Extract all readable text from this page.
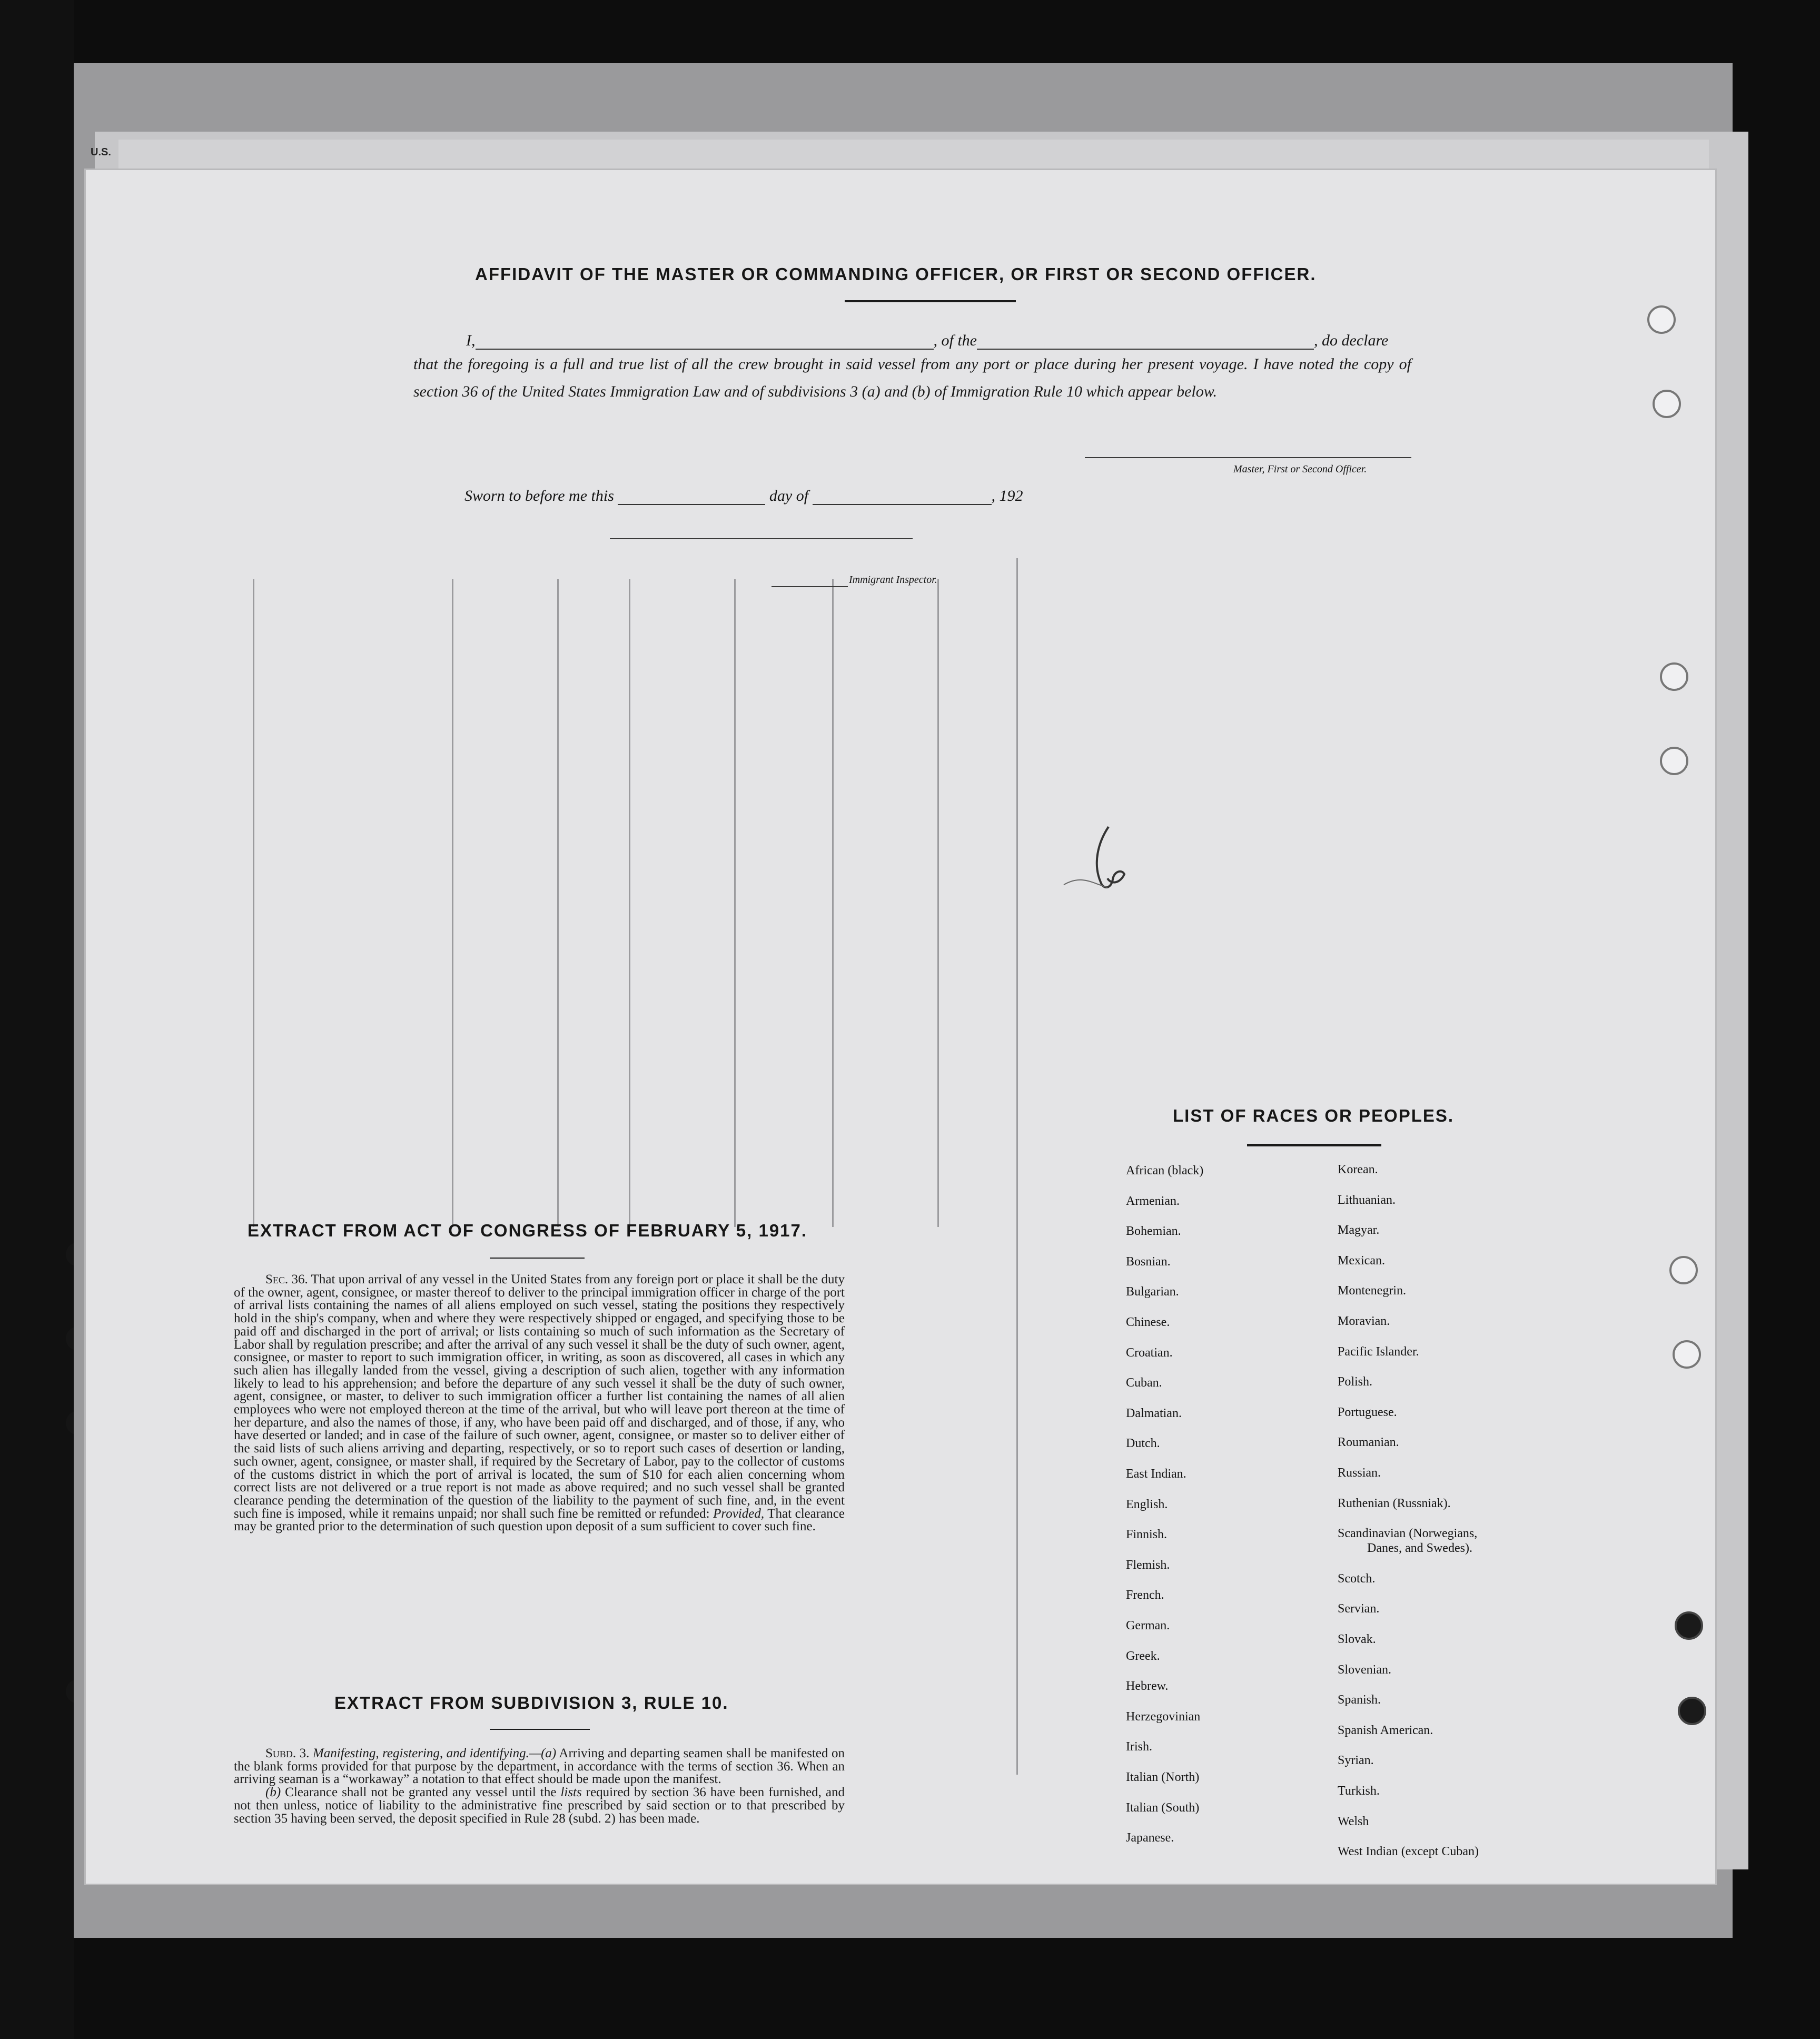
U.S.
AFFIDAVIT OF THE MASTER OR COMMANDING OFFICER, OR FIRST OR SECOND OFFICER.
I,	, of the	, do declare
that the foregoing is a full and true list of all the crew brought in said vessel from any port or place during her present voyage. I have noted the copy of section 36 of the United States Immigration Law and of subdivisions 3 (a) and (b) of Immigration Rule 10 which appear below.
Master, First or Second Officer.
Sworn to before me this	day of	, 192
Immigrant Inspector.
EXTRACT FROM ACT OF CONGRESS OF FEBRUARY 5, 1917.
Sec. 36. That upon arrival of any vessel in the United States from any foreign port or place it shall be the duty of the owner, agent, consignee, or master thereof to deliver to the principal immigration officer in charge of the port of arrival lists containing the names of all aliens employed on such vessel, stating the positions they respectively hold in the ship's company, when and where they were respectively shipped or engaged, and specifying those to be paid off and discharged in the port of arrival; or lists containing so much of such information as the Secretary of Labor shall by regulation prescribe; and after the arrival of any such vessel it shall be the duty of such owner, agent, consignee, or master to report to such immigration officer, in writing, as soon as discovered, all cases in which any such alien has illegally landed from the vessel, giving a description of such alien, together with any information likely to lead to his apprehension; and before the departure of any such vessel it shall be the duty of such owner, agent, consignee, or master, to deliver to such immigration officer a further list containing the names of all alien employees who were not employed thereon at the time of the arrival, but who will leave port thereon at the time of her departure, and also the names of those, if any, who have been paid off and discharged, and of those, if any, who have deserted or landed; and in case of the failure of such owner, agent, consignee, or master so to deliver either of the said lists of such aliens arriving and departing, respectively, or so to report such cases of desertion or landing, such owner, agent, consignee, or master shall, if required by the Secretary of Labor, pay to the collector of customs of the customs district in which the port of arrival is located, the sum of $10 for each alien concerning whom correct lists are not delivered or a true report is not made as above required; and no such vessel shall be granted clearance pending the determination of the question of the liability to the payment of such fine, and, in the event such fine is imposed, while it remains unpaid; nor shall such fine be remitted or refunded: Provided, That clearance may be granted prior to the determination of such question upon deposit of a sum sufficient to cover such fine.
EXTRACT FROM SUBDIVISION 3, RULE 10.
Subd. 3. Manifesting, registering, and identifying.—(a) Arriving and departing seamen shall be manifested on the blank forms provided for that purpose by the department, in accordance with the terms of section 36. When an arriving seaman is a “workaway” a notation to that effect should be made upon the manifest.
(b) Clearance shall not be granted any vessel until the lists required by section 36 have been furnished, and not then unless, notice of liability to the administrative fine prescribed by said section or to that prescribed by section 35 having been served, the deposit specified in Rule 28 (subd. 2) has been made.
LIST OF RACES OR PEOPLES.
African (black)
Armenian.
Bohemian.
Bosnian.
Bulgarian.
Chinese.
Croatian.
Cuban.
Dalmatian.
Dutch.
East Indian.
English.
Finnish.
Flemish.
French.
German.
Greek.
Hebrew.
Herzegovinian
Irish.
Italian (North)
Italian (South)
Japanese.
Korean.
Lithuanian.
Magyar.
Mexican.
Montenegrin.
Moravian.
Pacific Islander.
Polish.
Portuguese.
Roumanian.
Russian.
Ruthenian (Russniak).
Scandinavian (Norwegians,
Danes, and Swedes).
Scotch.
Servian.
Slovak.
Slovenian.
Spanish.
Spanish American.
Syrian.
Turkish.
Welsh
West Indian (except Cuban)
